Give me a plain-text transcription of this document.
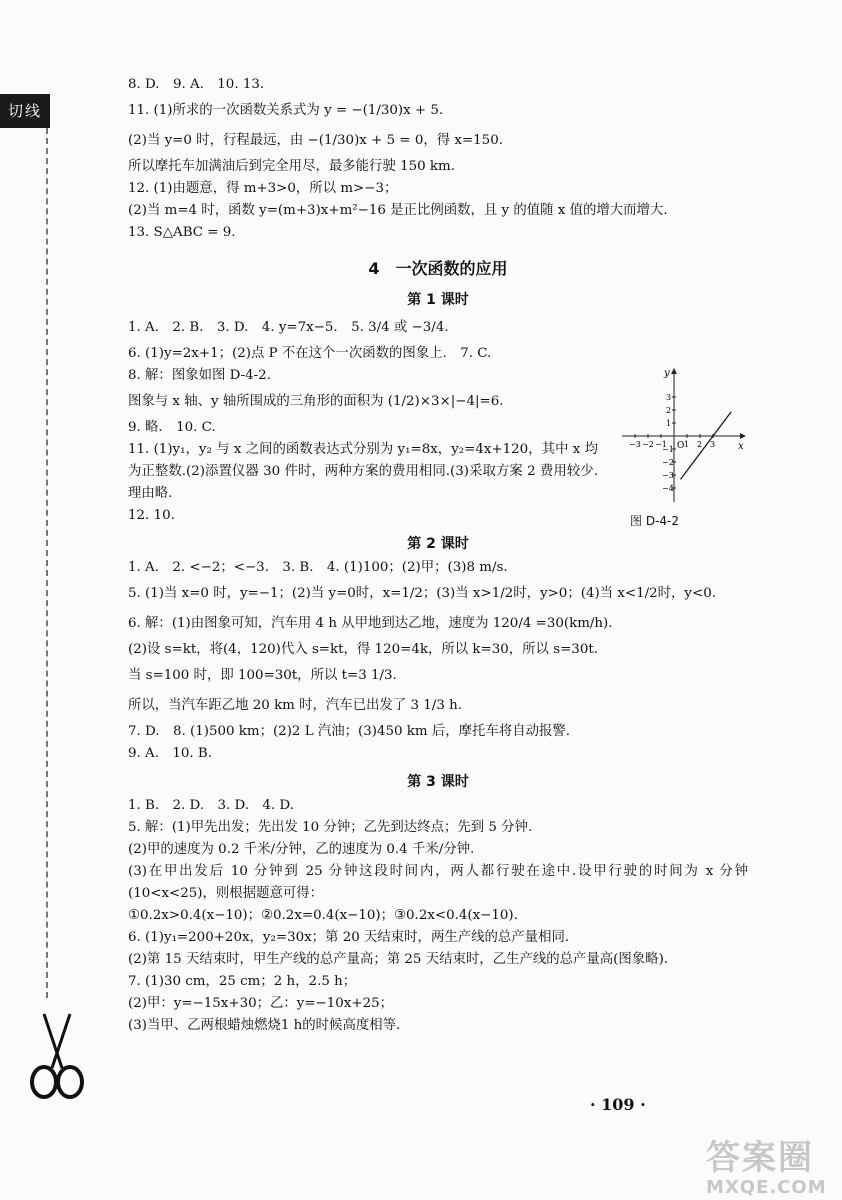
切线
8. D.　9. A.　10. 13.
11. (1)所求的一次函数关系式为 y = −(1/30)x + 5.
(2)当 y=0 时，行程最远，由 −(1/30)x + 5 = 0，得 x=150.
所以摩托车加满油后到完全用尽，最多能行驶 150 km.
12. (1)由题意，得 m+3>0，所以 m>−3；
(2)当 m=4 时，函数 y=(m+3)x+m²−16 是正比例函数，且 y 的值随 x 值的增大而增大.
13. S△ABC = 9.
4　一次函数的应用
第 1 课时
1. A.　2. B.　3. D.　4. y=7x−5.　5. 3/4 或 −3/4.
6. (1)y=2x+1；(2)点 P 不在这个一次函数的图象上.　7. C.
8. 解：图象如图 D-4-2.
图象与 x 轴、y 轴所围成的三角形的面积为 (1/2)×3×|−4|=6.
9. 略.　10. C.
11. (1)y₁，y₂ 与 x 之间的函数表达式分别为 y₁=8x，y₂=4x+120，其中 x 均为正整数.(2)添置仪器 30 件时，两种方案的费用相同.(3)采取方案 2 费用较少.理由略.
12. 10.
第 2 课时
1. A.　2. <−2；<−3.　3. B.　4. (1)100；(2)甲；(3)8 m/s.
5. (1)当 x=0 时，y=−1；(2)当 y=0时，x=1/2；(3)当 x>1/2时，y>0；(4)当 x<1/2时，y<0.
6. 解：(1)由图象可知，汽车用 4 h 从甲地到达乙地，速度为 120/4 =30(km/h).
(2)设 s=kt，将(4，120)代入 s=kt，得 120=4k，所以 k=30，所以 s=30t.
当 s=100 时，即 100=30t，所以 t=3 1/3.
所以，当汽车距乙地 20 km 时，汽车已出发了 3 1/3 h.
7. D.　8. (1)500 km；(2)2 L 汽油；(3)450 km 后，摩托车将自动报警.
9. A.　10. B.
第 3 课时
1. B.　2. D.　3. D.　4. D.
5. 解：(1)甲先出发；先出发 10 分钟；乙先到达终点；先到 5 分钟.
(2)甲的速度为 0.2 千米/分钟，乙的速度为 0.4 千米/分钟.
(3)在甲出发后 10 分钟到 25 分钟这段时间内，两人都行驶在途中.设甲行驶的时间为 x 分钟(10<x<25)，则根据题意可得：
①0.2x>0.4(x−10)；②0.2x=0.4(x−10)；③0.2x<0.4(x−10).
6. (1)y₁=200+20x，y₂=30x；第 20 天结束时，两生产线的总产量相同.
(2)第 15 天结束时，甲生产线的总产量高；第 25 天结束时，乙生产线的总产量高(图象略).
7. (1)30 cm，25 cm；2 h，2.5 h；
(2)甲：y=−15x+30；乙：y=−10x+25；
(3)当甲、乙两根蜡烛燃烧1 h的时候高度相等.
x
y
O
−3 −2 −1 1 2 3
3
2
1
−1
−2
−3
−4
图 D-4-2
· 109 ·
答案圈
MXQE.COM
